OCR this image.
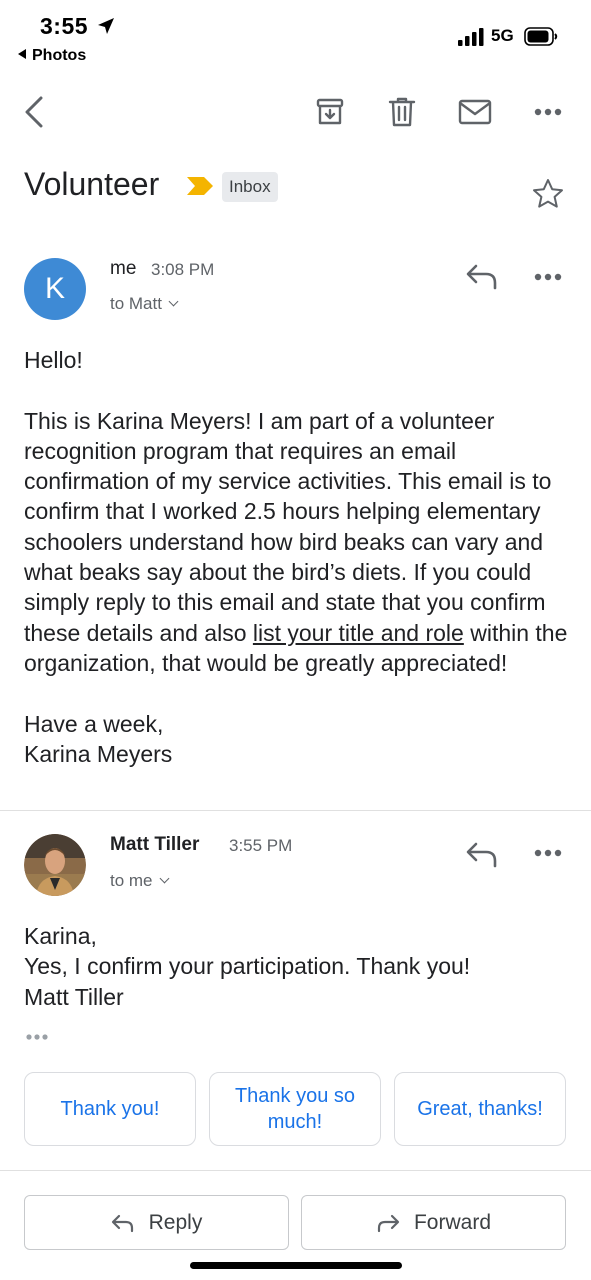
3:55
Photos
5G
Volunteer	Inbox
K
me 3:08 PM
to Matt

Hello!

This is Karina Meyers! I am part of a volunteer recognition program that requires an email confirmation of my service activities. This email is to confirm that I worked 2.5 hours helping elementary schoolers understand how bird beaks can vary and what beaks say about the bird’s diets. If you could simply reply to this email and state that you confirm these details and also list your title and role within the organization, that would be greatly appreciated!

Have a week,

Karina Meyers

Matt Tiller 3:55 PM
to me

Karina,

Yes, I confirm your participation. Thank you!

Matt Tiller

Thank you!
Thank you so much!
Great, thanks!
Reply	Forward
